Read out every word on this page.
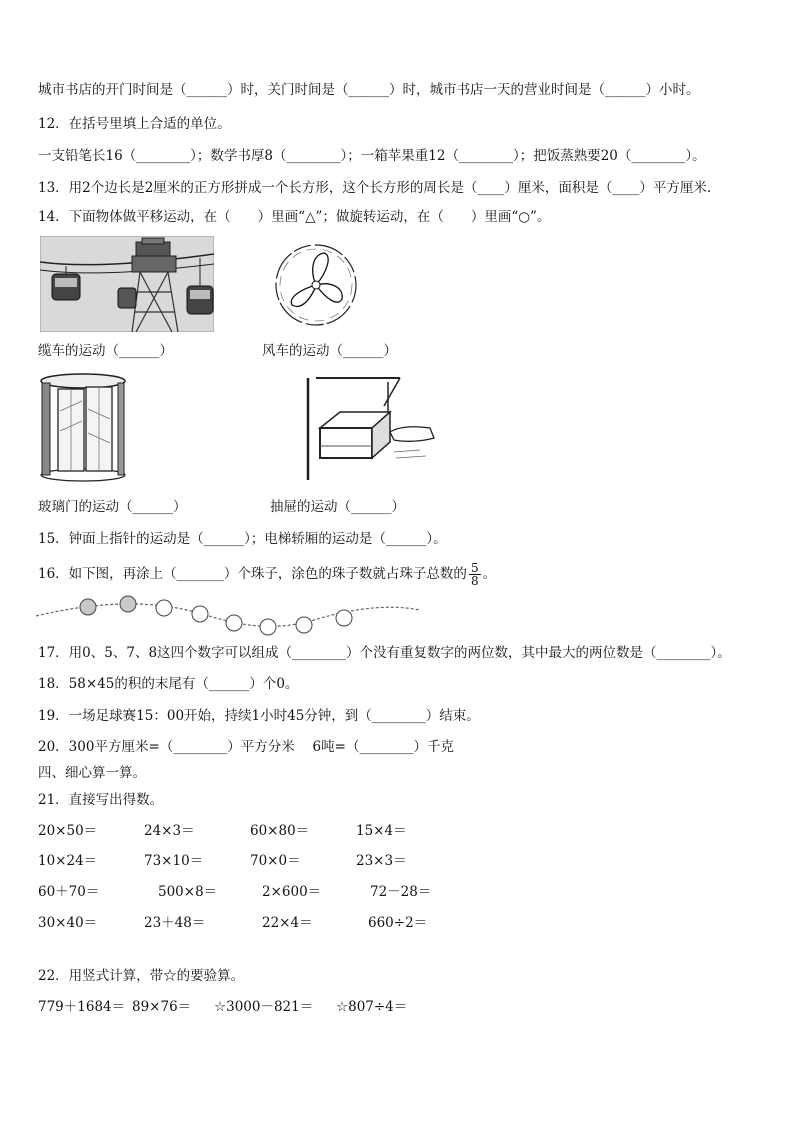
城市书店的开门时间是（______）时，关门时间是（______）时，城市书店一天的营业时间是（______）小时。
12．在括号里填上合适的单位。
一支铅笔长16（________）；数学书厚8（________）；一箱苹果重12（________）；把饭蒸熟要20（________）。
13．用2个边长是2厘米的正方形拼成一个长方形，这个长方形的周长是（____）厘米，面积是（____）平方厘米.
14．下面物体做平移运动，在（　　）里画“△”；做旋转运动，在（　　）里画“○”。
缆车的运动（______）	风车的运动（______）
玻璃门的运动（______）	抽屉的运动（______）
15．钟面上指针的运动是（______）；电梯轿厢的运动是（______）。
16．如下图，再涂上（_______）个珠子，涂色的珠子数就占珠子总数的 $\frac{5}{8}$ 。
17．用0、5、7、8这四个数字可以组成（________）个没有重复数字的两位数，其中最大的两位数是（________）。
18．58×45的积的末尾有（______）个0。
19．一场足球赛15：00开始，持续1小时45分钟，到（________）结束。
20．300平方厘米=（________）平方分米　 6吨=（________）千克
四、细心算一算。
21．直接写出得数。
20×50＝	24×3＝	60×80＝	15×4＝
10×24＝	73×10＝	70×0＝	23×3＝
60＋70＝	500×8＝	2×600＝	72－28＝
30×40＝	23＋48＝	22×4＝	660÷2＝
22．用竖式计算，带☆的要验算。
779＋1684＝ 89×76＝ ☆3000－821＝ ☆807÷4＝
